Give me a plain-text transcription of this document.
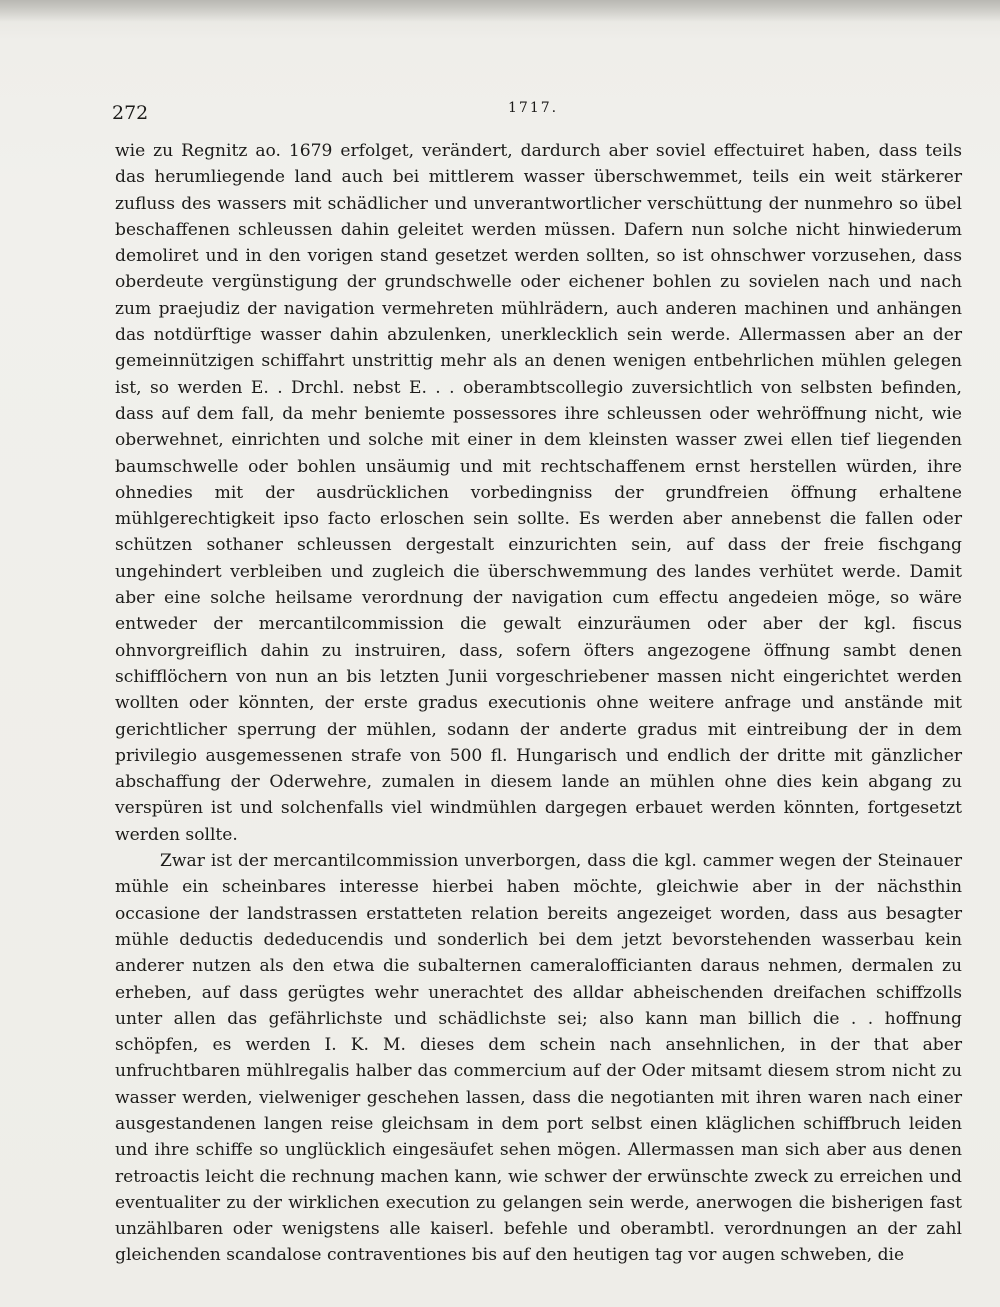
272	1717.

wie zu Regnitz ao. 1679 erfolget, verändert, dardurch aber soviel effectuiret haben, dass teils das herumliegende land auch bei mittlerem wasser überschwemmet, teils ein weit stärkerer zufluss des wassers mit schädlicher und unverantwortlicher verschüttung der nunmehro so übel beschaffenen schleussen dahin geleitet werden müssen. Dafern nun solche nicht hinwiederum demoliret und in den vorigen stand gesetzet werden sollten, so ist ohnschwer vorzusehen, dass oberdeute vergünstigung der grundschwelle oder eichener bohlen zu sovielen nach und nach zum praejudiz der navigation vermehreten mühlrädern, auch anderen machinen und anhängen das notdürftige wasser dahin abzulenken, unerklecklich sein werde. Allermassen aber an der gemeinnützigen schiffahrt unstrittig mehr als an denen wenigen entbehrlichen mühlen gelegen ist, so werden E. . Drchl. nebst E. . . oberambtscollegio zuversichtlich von selbsten befinden, dass auf dem fall, da mehr beniemte possessores ihre schleussen oder wehröffnung nicht, wie oberwehnet, einrichten und solche mit einer in dem kleinsten wasser zwei ellen tief liegenden baumschwelle oder bohlen unsäumig und mit rechtschaffenem ernst herstellen würden, ihre ohnedies mit der ausdrücklichen vorbedingniss der grundfreien öffnung erhaltene mühlgerechtigkeit ipso facto erloschen sein sollte. Es werden aber annebenst die fallen oder schützen sothaner schleussen dergestalt einzurichten sein, auf dass der freie fischgang ungehindert verbleiben und zugleich die überschwemmung des landes verhütet werde. Damit aber eine solche heilsame verordnung der navigation cum effectu angedeien möge, so wäre entweder der mercantilcommission die gewalt einzuräumen oder aber der kgl. fiscus ohnvorgreiflich dahin zu instruiren, dass, sofern öfters angezogene öffnung sambt denen schifflöchern von nun an bis letzten Junii vorgeschriebener massen nicht eingerichtet werden wollten oder könnten, der erste gradus executionis ohne weitere anfrage und anstände mit gerichtlicher sperrung der mühlen, sodann der anderte gradus mit eintreibung der in dem privilegio ausgemessenen strafe von 500 fl. Hungarisch und endlich der dritte mit gänzlicher abschaffung der Oderwehre, zumalen in diesem lande an mühlen ohne dies kein abgang zu verspüren ist und solchenfalls viel windmühlen dargegen erbauet werden könnten, fortgesetzt werden sollte.

Zwar ist der mercantilcommission unverborgen, dass die kgl. cammer wegen der Steinauer mühle ein scheinbares interesse hierbei haben möchte, gleichwie aber in der nächsthin occasione der landstrassen erstatteten relation bereits angezeiget worden, dass aus besagter mühle deductis dededucendis und sonderlich bei dem jetzt bevorstehenden wasserbau kein anderer nutzen als den etwa die subalternen cameralofficianten daraus nehmen, dermalen zu erheben, auf dass gerügtes wehr unerachtet des alldar abheischenden dreifachen schiffzolls unter allen das gefährlichste und schädlichste sei; also kann man billich die . . hoffnung schöpfen, es werden I. K. M. dieses dem schein nach ansehnlichen, in der that aber unfruchtbaren mühlregalis halber das commercium auf der Oder mitsamt diesem strom nicht zu wasser werden, vielweniger geschehen lassen, dass die negotianten mit ihren waren nach einer ausgestandenen langen reise gleichsam in dem port selbst einen kläglichen schiffbruch leiden und ihre schiffe so unglücklich eingesäufet sehen mögen. Allermassen man sich aber aus denen retroactis leicht die rechnung machen kann, wie schwer der erwünschte zweck zu erreichen und eventualiter zu der wirklichen execution zu gelangen sein werde, anerwogen die bisherigen fast unzählbaren oder wenigstens alle kaiserl. befehle und oberambtl. verordnungen an der zahl gleichenden scandalose contraventiones bis auf den heutigen tag vor augen schweben, die
